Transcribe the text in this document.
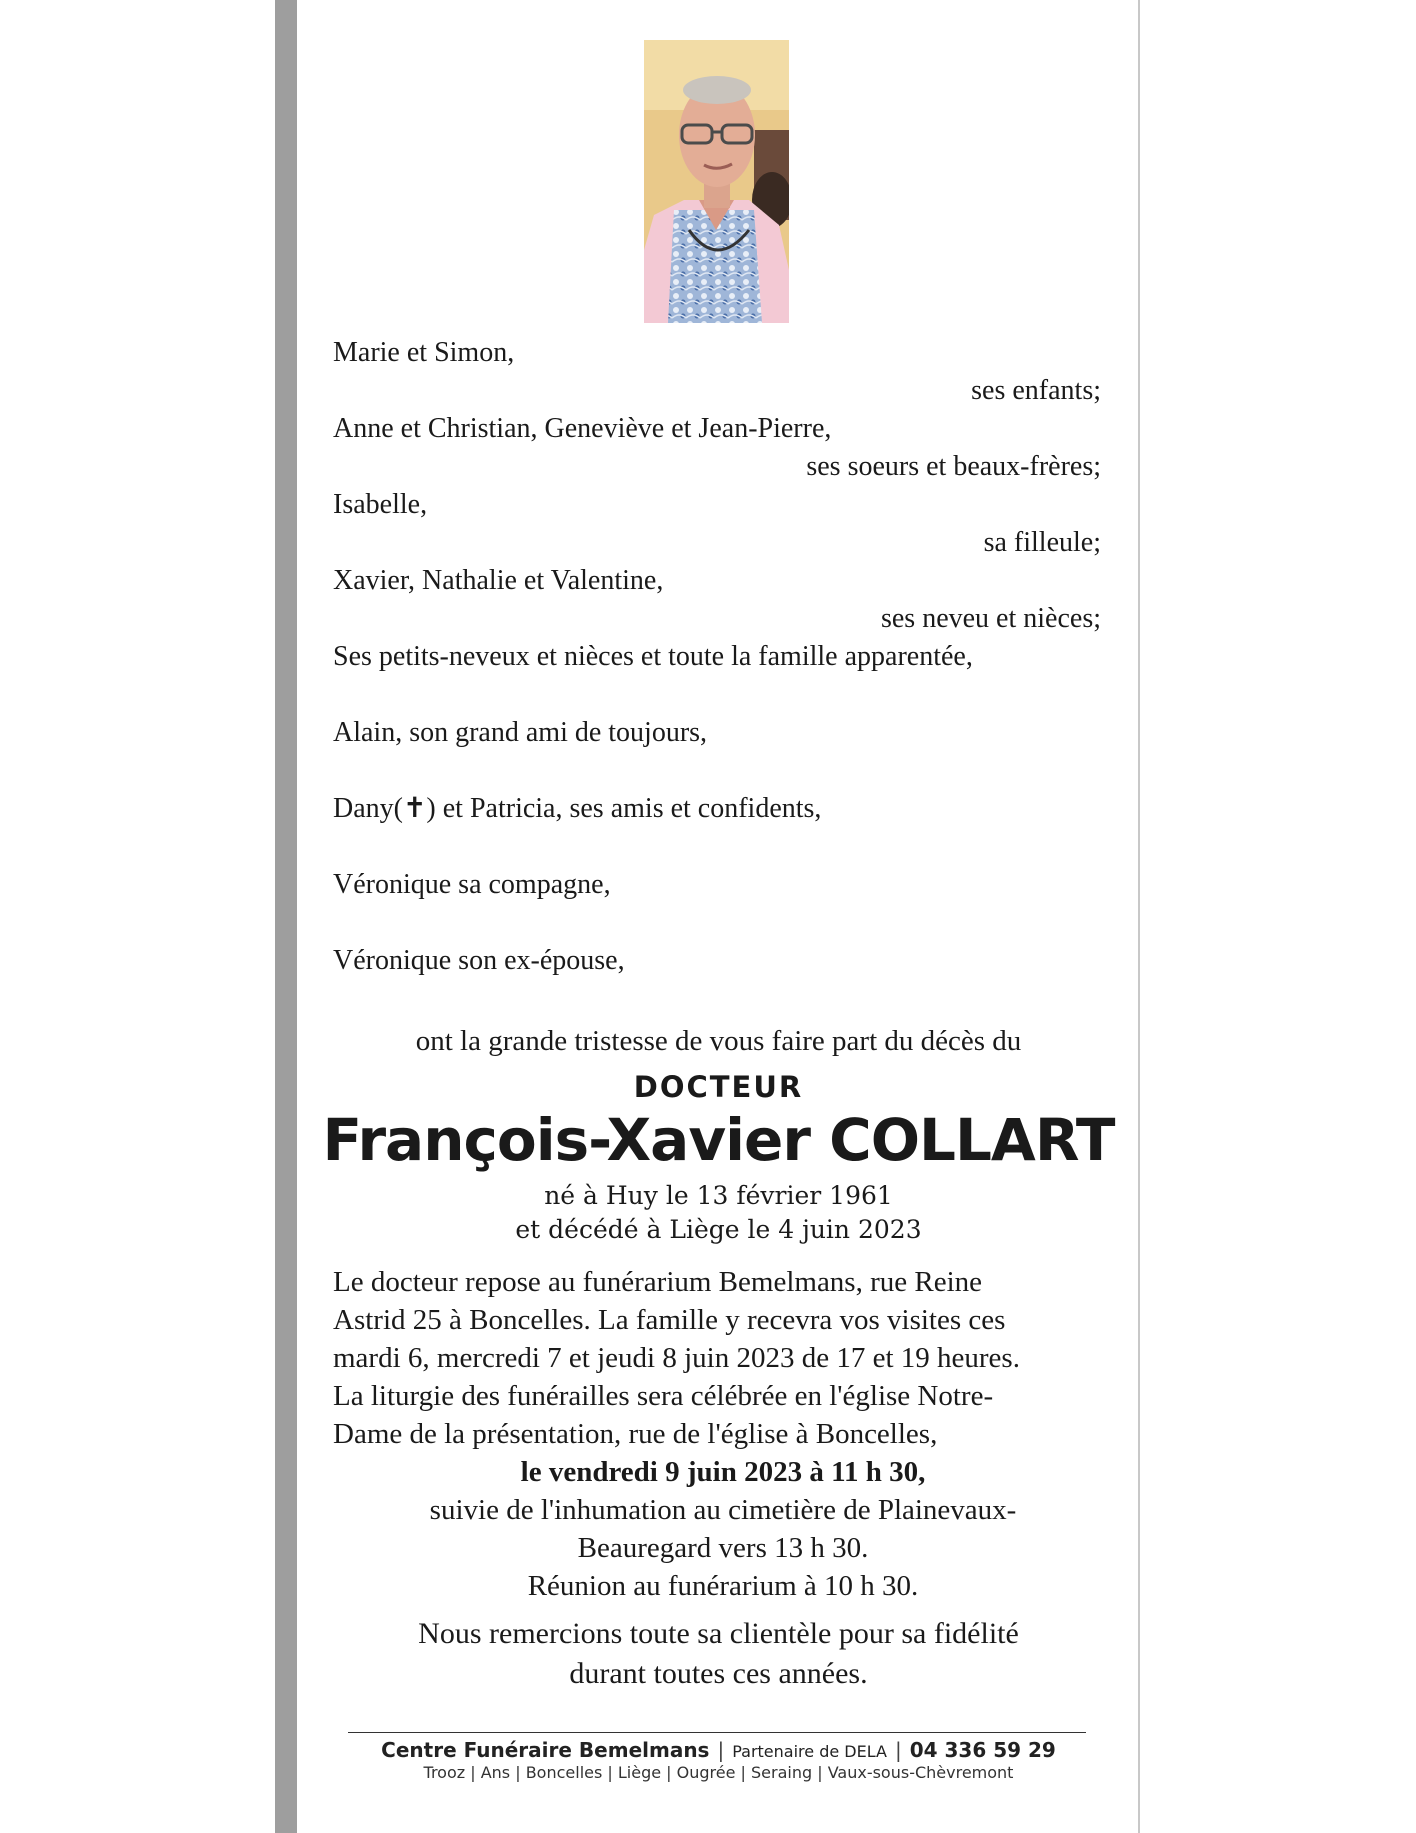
Marie et Simon,
ses enfants;
Anne et Christian, Geneviève et Jean-Pierre,
ses soeurs et beaux-frères;
Isabelle,
sa filleule;
Xavier, Nathalie et Valentine,
ses neveu et nièces;
Ses petits-neveux et nièces et toute la famille apparentée,
Alain, son grand ami de toujours,
Dany(✝) et Patricia, ses amis et confidents,
Véronique sa compagne,
Véronique son ex-épouse,
ont la grande tristesse de vous faire part du décès du
DOCTEUR
François-Xavier COLLART
né à Huy le 13 février 1961
et décédé à Liège le 4 juin 2023
Le docteur repose au funérarium Bemelmans, rue Reine
Astrid 25 à Boncelles. La famille y recevra vos visites ces
mardi 6, mercredi 7 et jeudi 8 juin 2023 de 17 et 19 heures.
La liturgie des funérailles sera célébrée en l'église Notre-
Dame de la présentation, rue de l'église à Boncelles,
le vendredi 9 juin 2023 à 11 h 30,
suivie de l'inhumation au cimetière de Plainevaux-
Beauregard vers 13 h 30.
Réunion au funérarium à 10 h 30.
Nous remercions toute sa clientèle pour sa fidélité
durant toutes ces années.
Centre Funéraire Bemelmans | Partenaire de DELA | 04 336 59 29
Trooz | Ans | Boncelles | Liège | Ougrée | Seraing | Vaux-sous-Chèvremont
